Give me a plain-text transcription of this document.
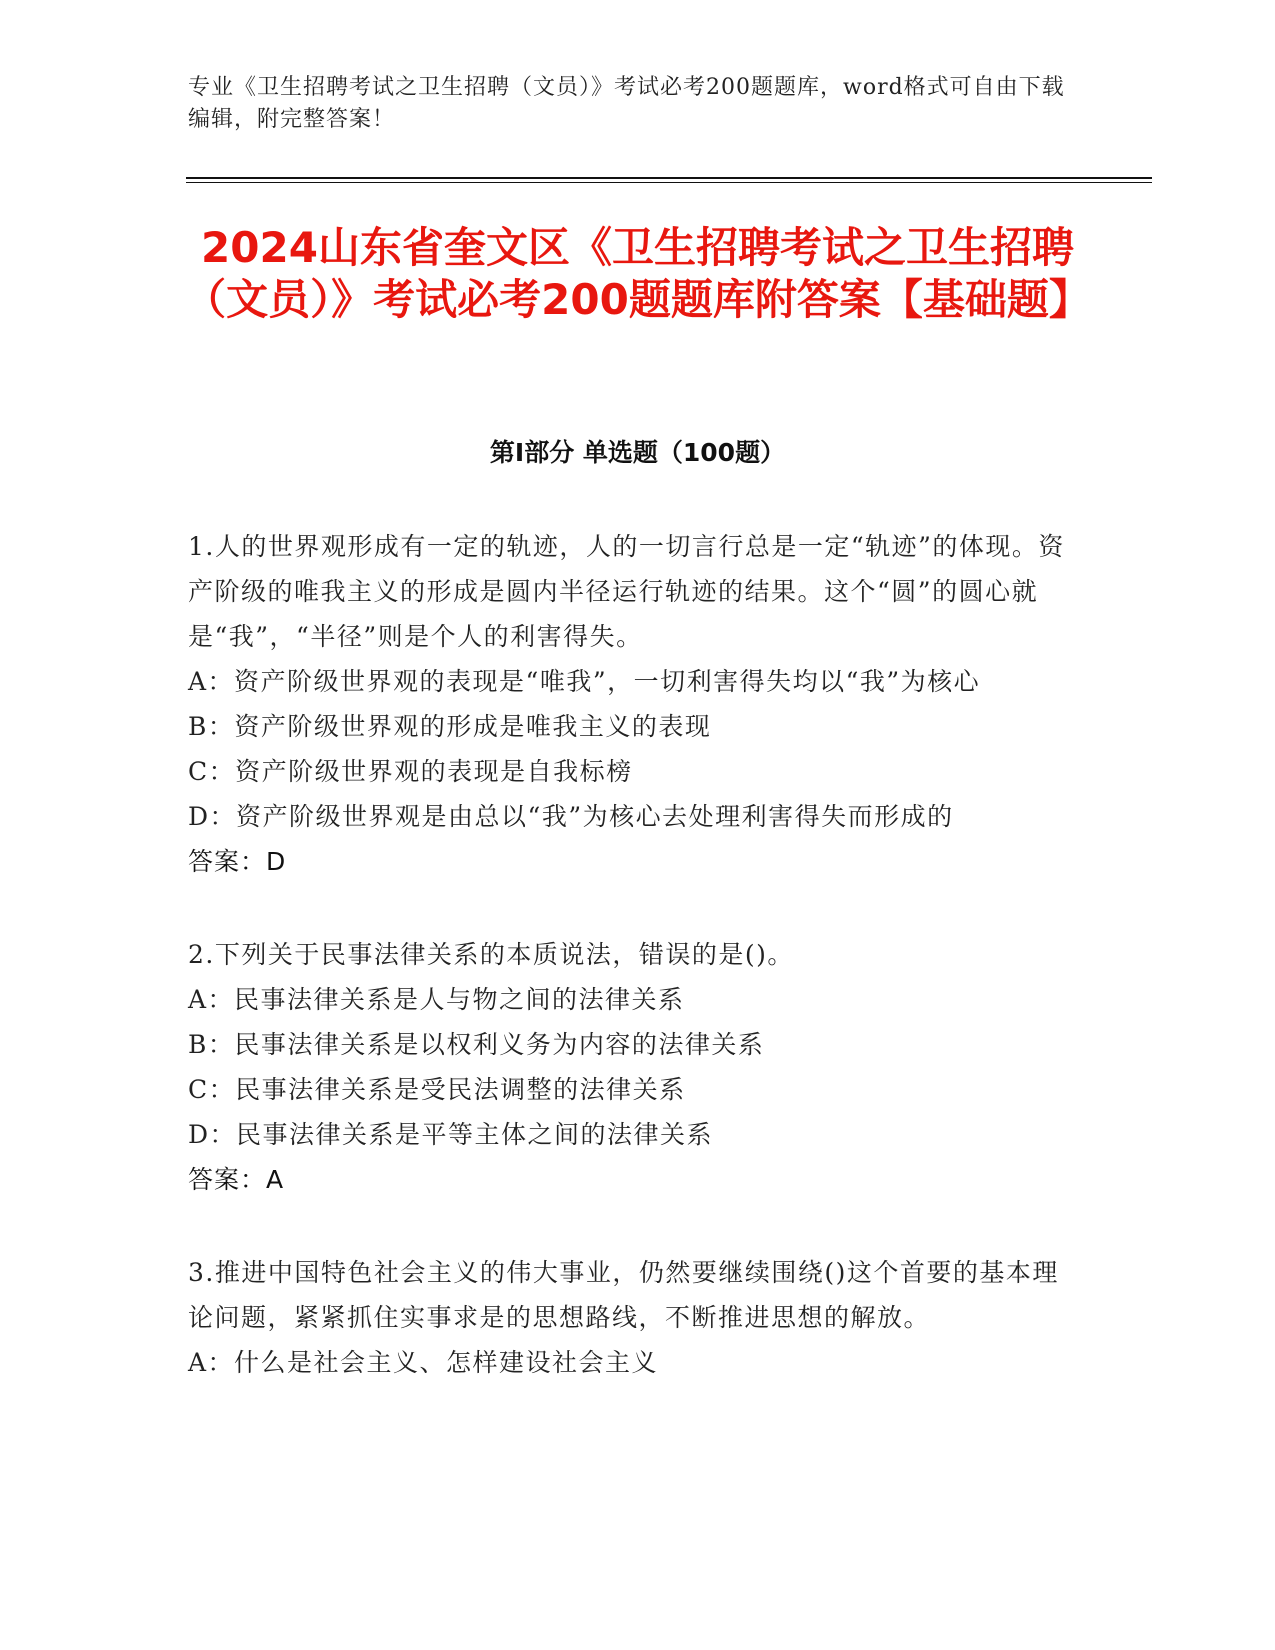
专业《卫生招聘考试之卫生招聘（文员）》考试必考200题题库，word格式可自由下载编辑，附完整答案！
2024山东省奎文区《卫生招聘考试之卫生招聘（文员）》考试必考200题题库附答案【基础题】
第Ⅰ部分 单选题（100题）
1.人的世界观形成有一定的轨迹，人的一切言行总是一定“轨迹”的体现。资产阶级的唯我主义的形成是圆内半径运行轨迹的结果。这个“圆”的圆心就是“我”，“半径”则是个人的利害得失。
A：资产阶级世界观的表现是“唯我”，一切利害得失均以“我”为核心
B：资产阶级世界观的形成是唯我主义的表现
C：资产阶级世界观的表现是自我标榜
D：资产阶级世界观是由总以“我”为核心去处理利害得失而形成的
答案：D
2.下列关于民事法律关系的本质说法，错误的是()。
A：民事法律关系是人与物之间的法律关系
B：民事法律关系是以权利义务为内容的法律关系
C：民事法律关系是受民法调整的法律关系
D：民事法律关系是平等主体之间的法律关系
答案：A
3.推进中国特色社会主义的伟大事业，仍然要继续围绕()这个首要的基本理论问题，紧紧抓住实事求是的思想路线，不断推进思想的解放。
A：什么是社会主义、怎样建设社会主义
